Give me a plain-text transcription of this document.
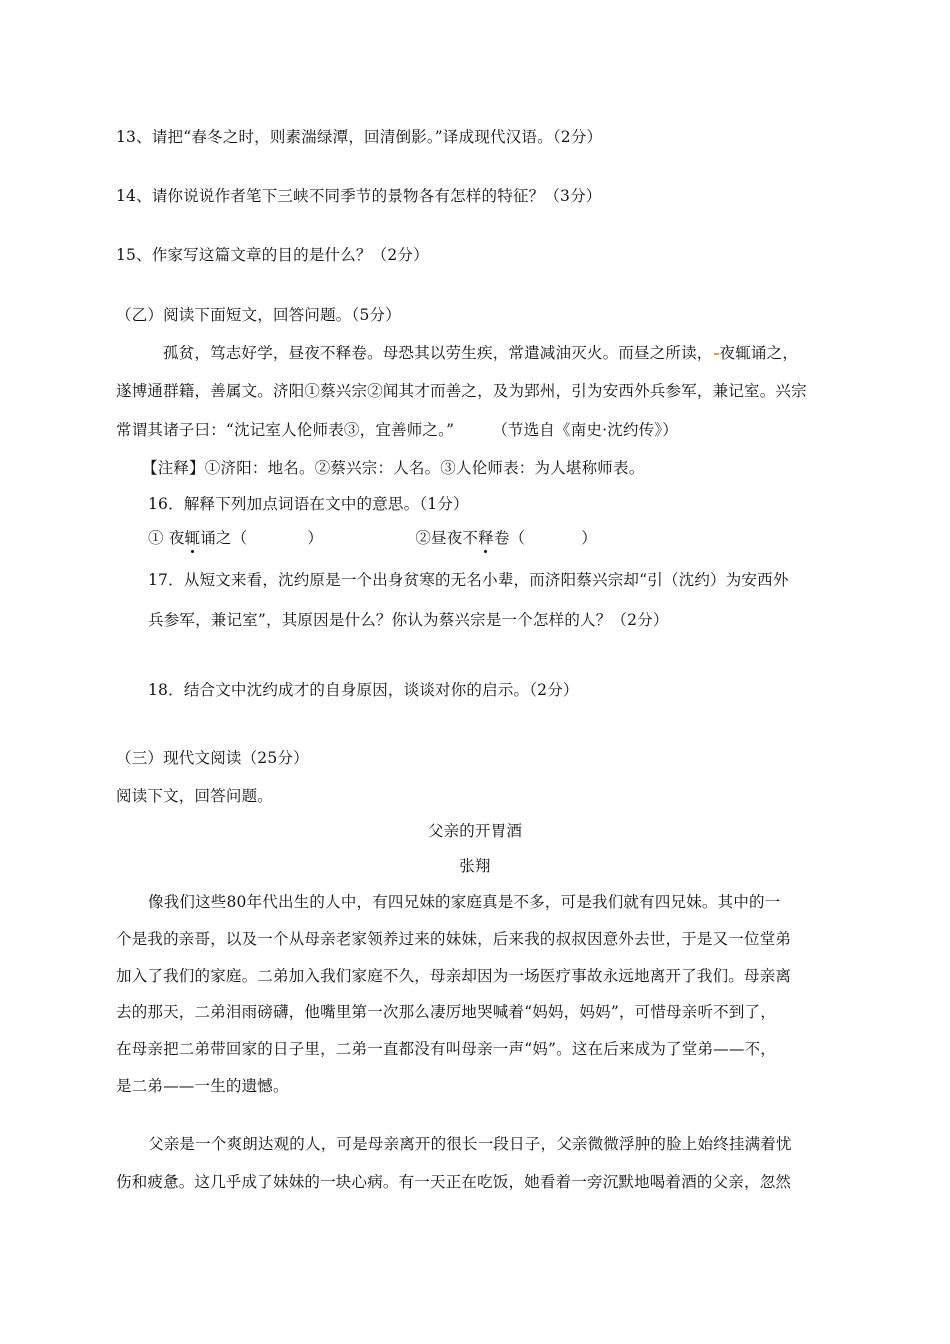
13、请把“春冬之时，则素湍绿潭，回清倒影。”译成现代汉语。（2分）
14、请你说说作者笔下三峡不同季节的景物各有怎样的特征？（3分）
15、作家写这篇文章的目的是什么？（2分）
（乙）阅读下面短文，回答问题。（5分）
孤贫，笃志好学，昼夜不释卷。母恐其以劳生疾，常遣减油灭火。而昼之所读， 夜辄诵之，
遂博通群籍，善属文。济阳①蔡兴宗②闻其才而善之，及为郢州，引为安西外兵参军，兼记室。兴宗
常谓其诸子曰：“沈记室人伦师表③，宜善师之。” （节选自《南史·沈约传》）
【注释】①济阳：地名。②蔡兴宗：人名。③人伦师表：为人堪称师表。
16．解释下列加点词语在文中的意思。（1分）
① 夜辄诵之（	）	②昼夜不释卷（	）
17．从短文来看，沈约原是一个出身贫寒的无名小辈，而济阳蔡兴宗却“引（沈约）为安西外
兵参军，兼记室”，其原因是什么？你认为蔡兴宗是一个怎样的人？（2分）
18．结合文中沈约成才的自身原因，谈谈对你的启示。（2分）
（三）现代文阅读（25分）
阅读下文，回答问题。
父亲的开胃酒
张翔
像我们这些80年代出生的人中，有四兄妹的家庭真是不多，可是我们就有四兄妹。其中的一
个是我的亲哥，以及一个从母亲老家领养过来的妹妹，后来我的叔叔因意外去世，于是又一位堂弟
加入了我们的家庭。二弟加入我们家庭不久，母亲却因为一场医疗事故永远地离开了我们。母亲离
去的那天，二弟泪雨磅礴，他嘴里第一次那么凄厉地哭喊着“妈妈，妈妈”，可惜母亲听不到了，
在母亲把二弟带回家的日子里，二弟一直都没有叫母亲一声“妈”。这在后来成为了堂弟——不，
是二弟——一生的遗憾。
父亲是一个爽朗达观的人，可是母亲离开的很长一段日子，父亲微微浮肿的脸上始终挂满着忧
伤和疲惫。这几乎成了妹妹的一块心病。有一天正在吃饭，她看着一旁沉默地喝着酒的父亲，忽然
